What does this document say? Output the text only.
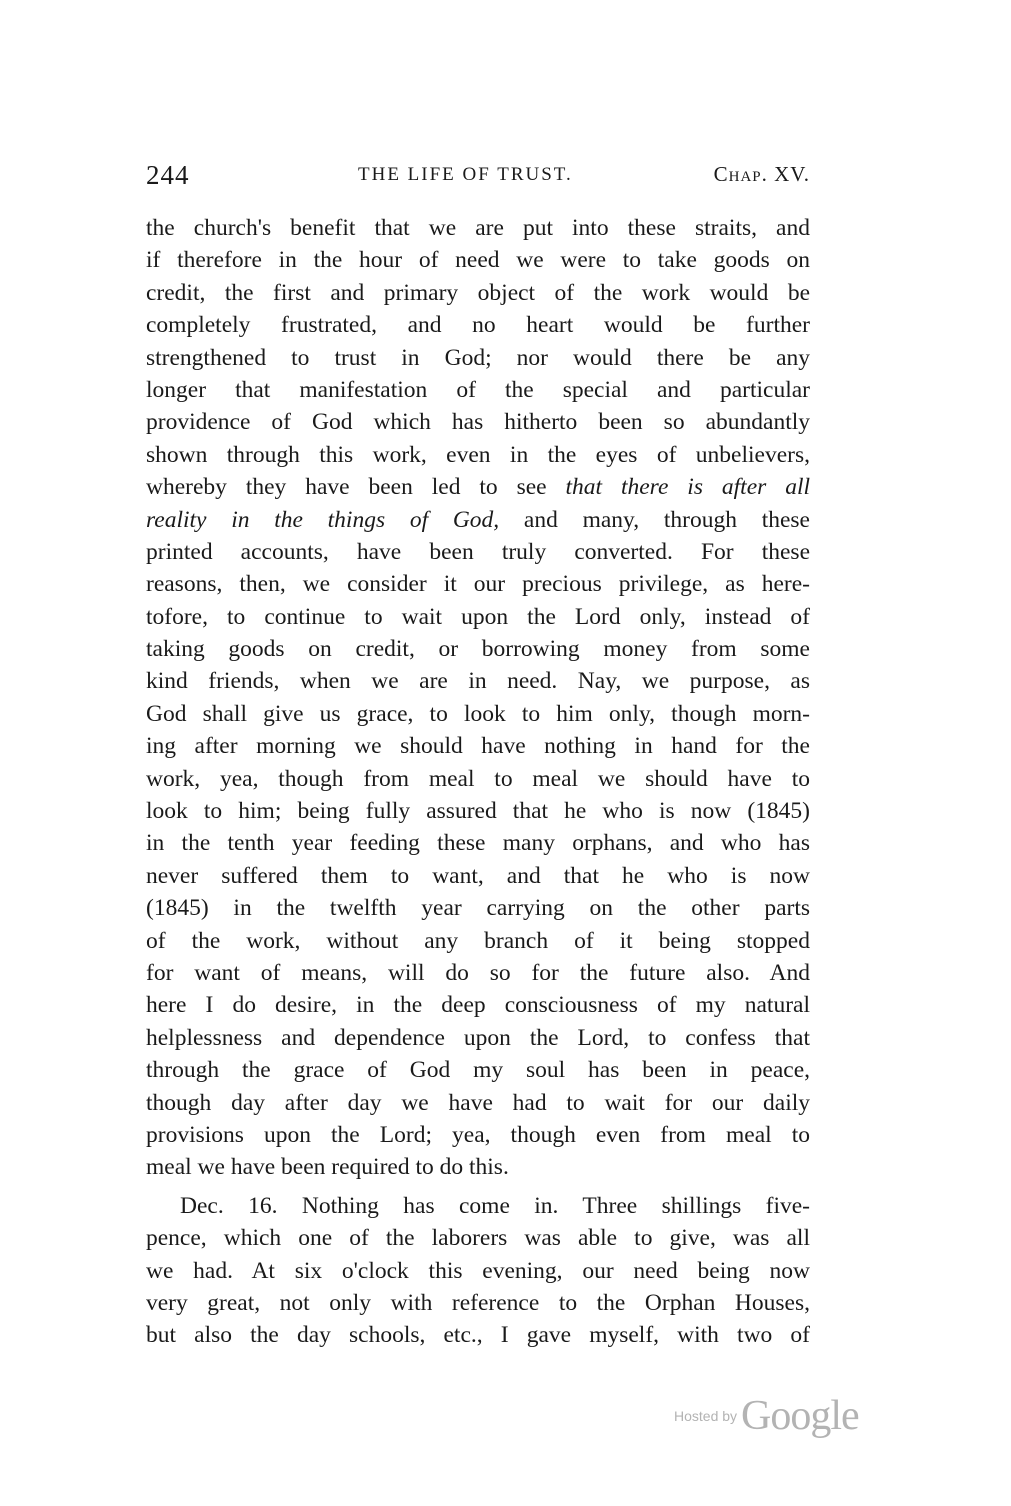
244	THE LIFE OF TRUST.	Chap. XV.
the church's benefit that we are put into these straits, and
if therefore in the hour of need we were to take goods on
credit, the first and primary object of the work would be
completely frustrated, and no heart would be further
strengthened to trust in God; nor would there be any
longer that manifestation of the special and particular
providence of God which has hitherto been so abundantly
shown through this work, even in the eyes of unbelievers,
whereby they have been led to see that there is after all
reality in the things of God, and many, through these
printed accounts, have been truly converted. For these
reasons, then, we consider it our precious privilege, as here-
tofore, to continue to wait upon the Lord only, instead of
taking goods on credit, or borrowing money from some
kind friends, when we are in need. Nay, we purpose, as
God shall give us grace, to look to him only, though morn-
ing after morning we should have nothing in hand for the
work, yea, though from meal to meal we should have to
look to him; being fully assured that he who is now (1845)
in the tenth year feeding these many orphans, and who has
never suffered them to want, and that he who is now
(1845) in the twelfth year carrying on the other parts
of the work, without any branch of it being stopped
for want of means, will do so for the future also. And
here I do desire, in the deep consciousness of my natural
helplessness and dependence upon the Lord, to confess that
through the grace of God my soul has been in peace,
though day after day we have had to wait for our daily
provisions upon the Lord; yea, though even from meal to
meal we have been required to do this.
Dec. 16. Nothing has come in. Three shillings five-
pence, which one of the laborers was able to give, was all
we had. At six o'clock this evening, our need being now
very great, not only with reference to the Orphan Houses,
but also the day schools, etc., I gave myself, with two of
Hosted by Google
